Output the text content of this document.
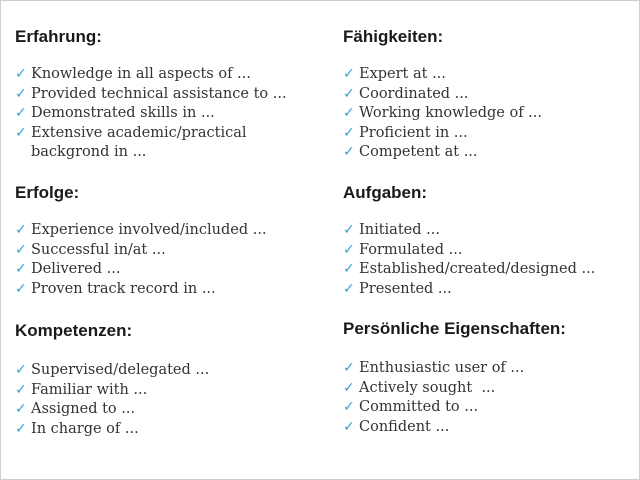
Erfahrung:
✓ Knowledge in all aspects of ...
✓ Provided technical assistance to ...
✓ Demonstrated skills in ...
✓ Extensive academic/practical backgrond in ...
Erfolge:
✓ Experience involved/included ...
✓ Successful in/at ...
✓ Delivered ...
✓ Proven track record in ...
Kompetenzen:
✓ Supervised/delegated ...
✓ Familiar with ...
✓ Assigned to ...
✓ In charge of ...
Fähigkeiten:
✓ Expert at ...
✓ Coordinated ...
✓ Working knowledge of ...
✓ Proficient in ...
✓ Competent at ...
Aufgaben:
✓ Initiated ...
✓ Formulated ...
✓ Established/created/designed ...
✓ Presented ...
Persönliche Eigenschaften:
✓ Enthusiastic user of ...
✓ Actively sought  ...
✓ Committed to ...
✓ Confident ...
